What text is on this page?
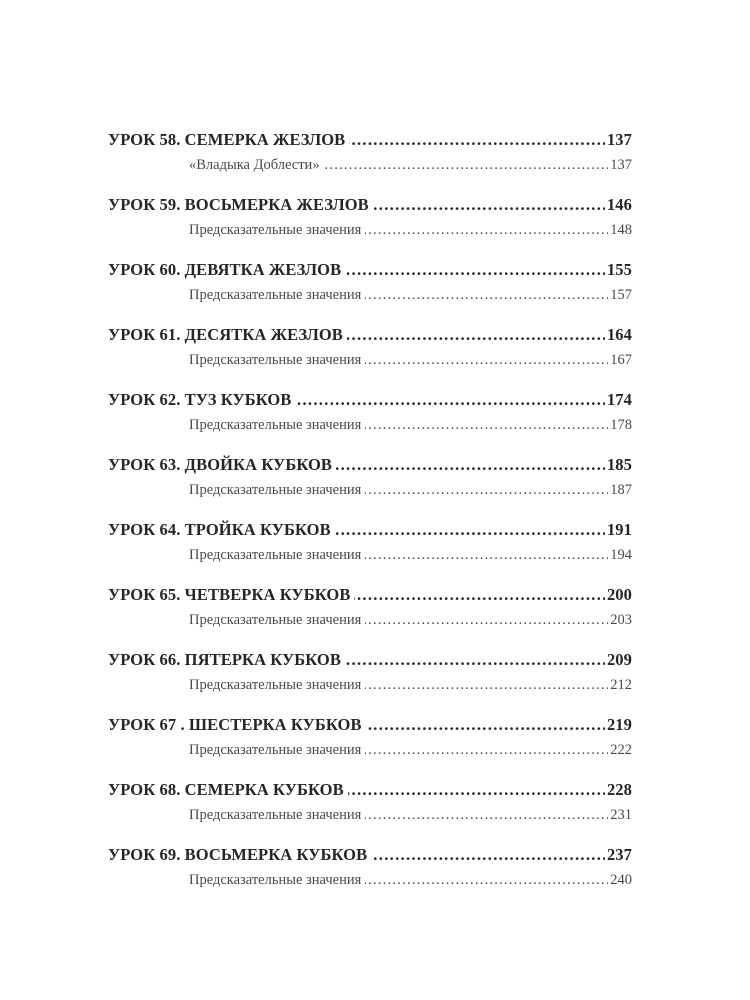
УРОК 58. СЕМЕРКА ЖЕЗЛОВ . . .	137
«Владыка Доблести» . . .	137
УРОК 59. ВОСЬМЕРКА ЖЕЗЛОВ . . .	146
Предсказательные значения . . .	148
УРОК 60. ДЕВЯТКА ЖЕЗЛОВ . . .	155
Предсказательные значения . . .	157
УРОК 61. ДЕСЯТКА ЖЕЗЛОВ . . .	164
Предсказательные значения . . .	167
УРОК 62. ТУЗ КУБКОВ . . .	174
Предсказательные значения . . .	178
УРОК 63. ДВОЙКА КУБКОВ . . .	185
Предсказательные значения . . .	187
УРОК 64. ТРОЙКА КУБКОВ . . .	191
Предсказательные значения . . .	194
УРОК 65. ЧЕТВЕРКА КУБКОВ . . .	200
Предсказательные значения . . .	203
УРОК 66. ПЯТЕРКА КУБКОВ . . .	209
Предсказательные значения . . .	212
УРОК 67 . ШЕСТЕРКА КУБКОВ . . .	219
Предсказательные значения . . .	222
УРОК 68. СЕМЕРКА КУБКОВ . . .	228
Предсказательные значения . . .	231
УРОК 69. ВОСЬМЕРКА КУБКОВ . . .	237
Предсказательные значения . . .	240
